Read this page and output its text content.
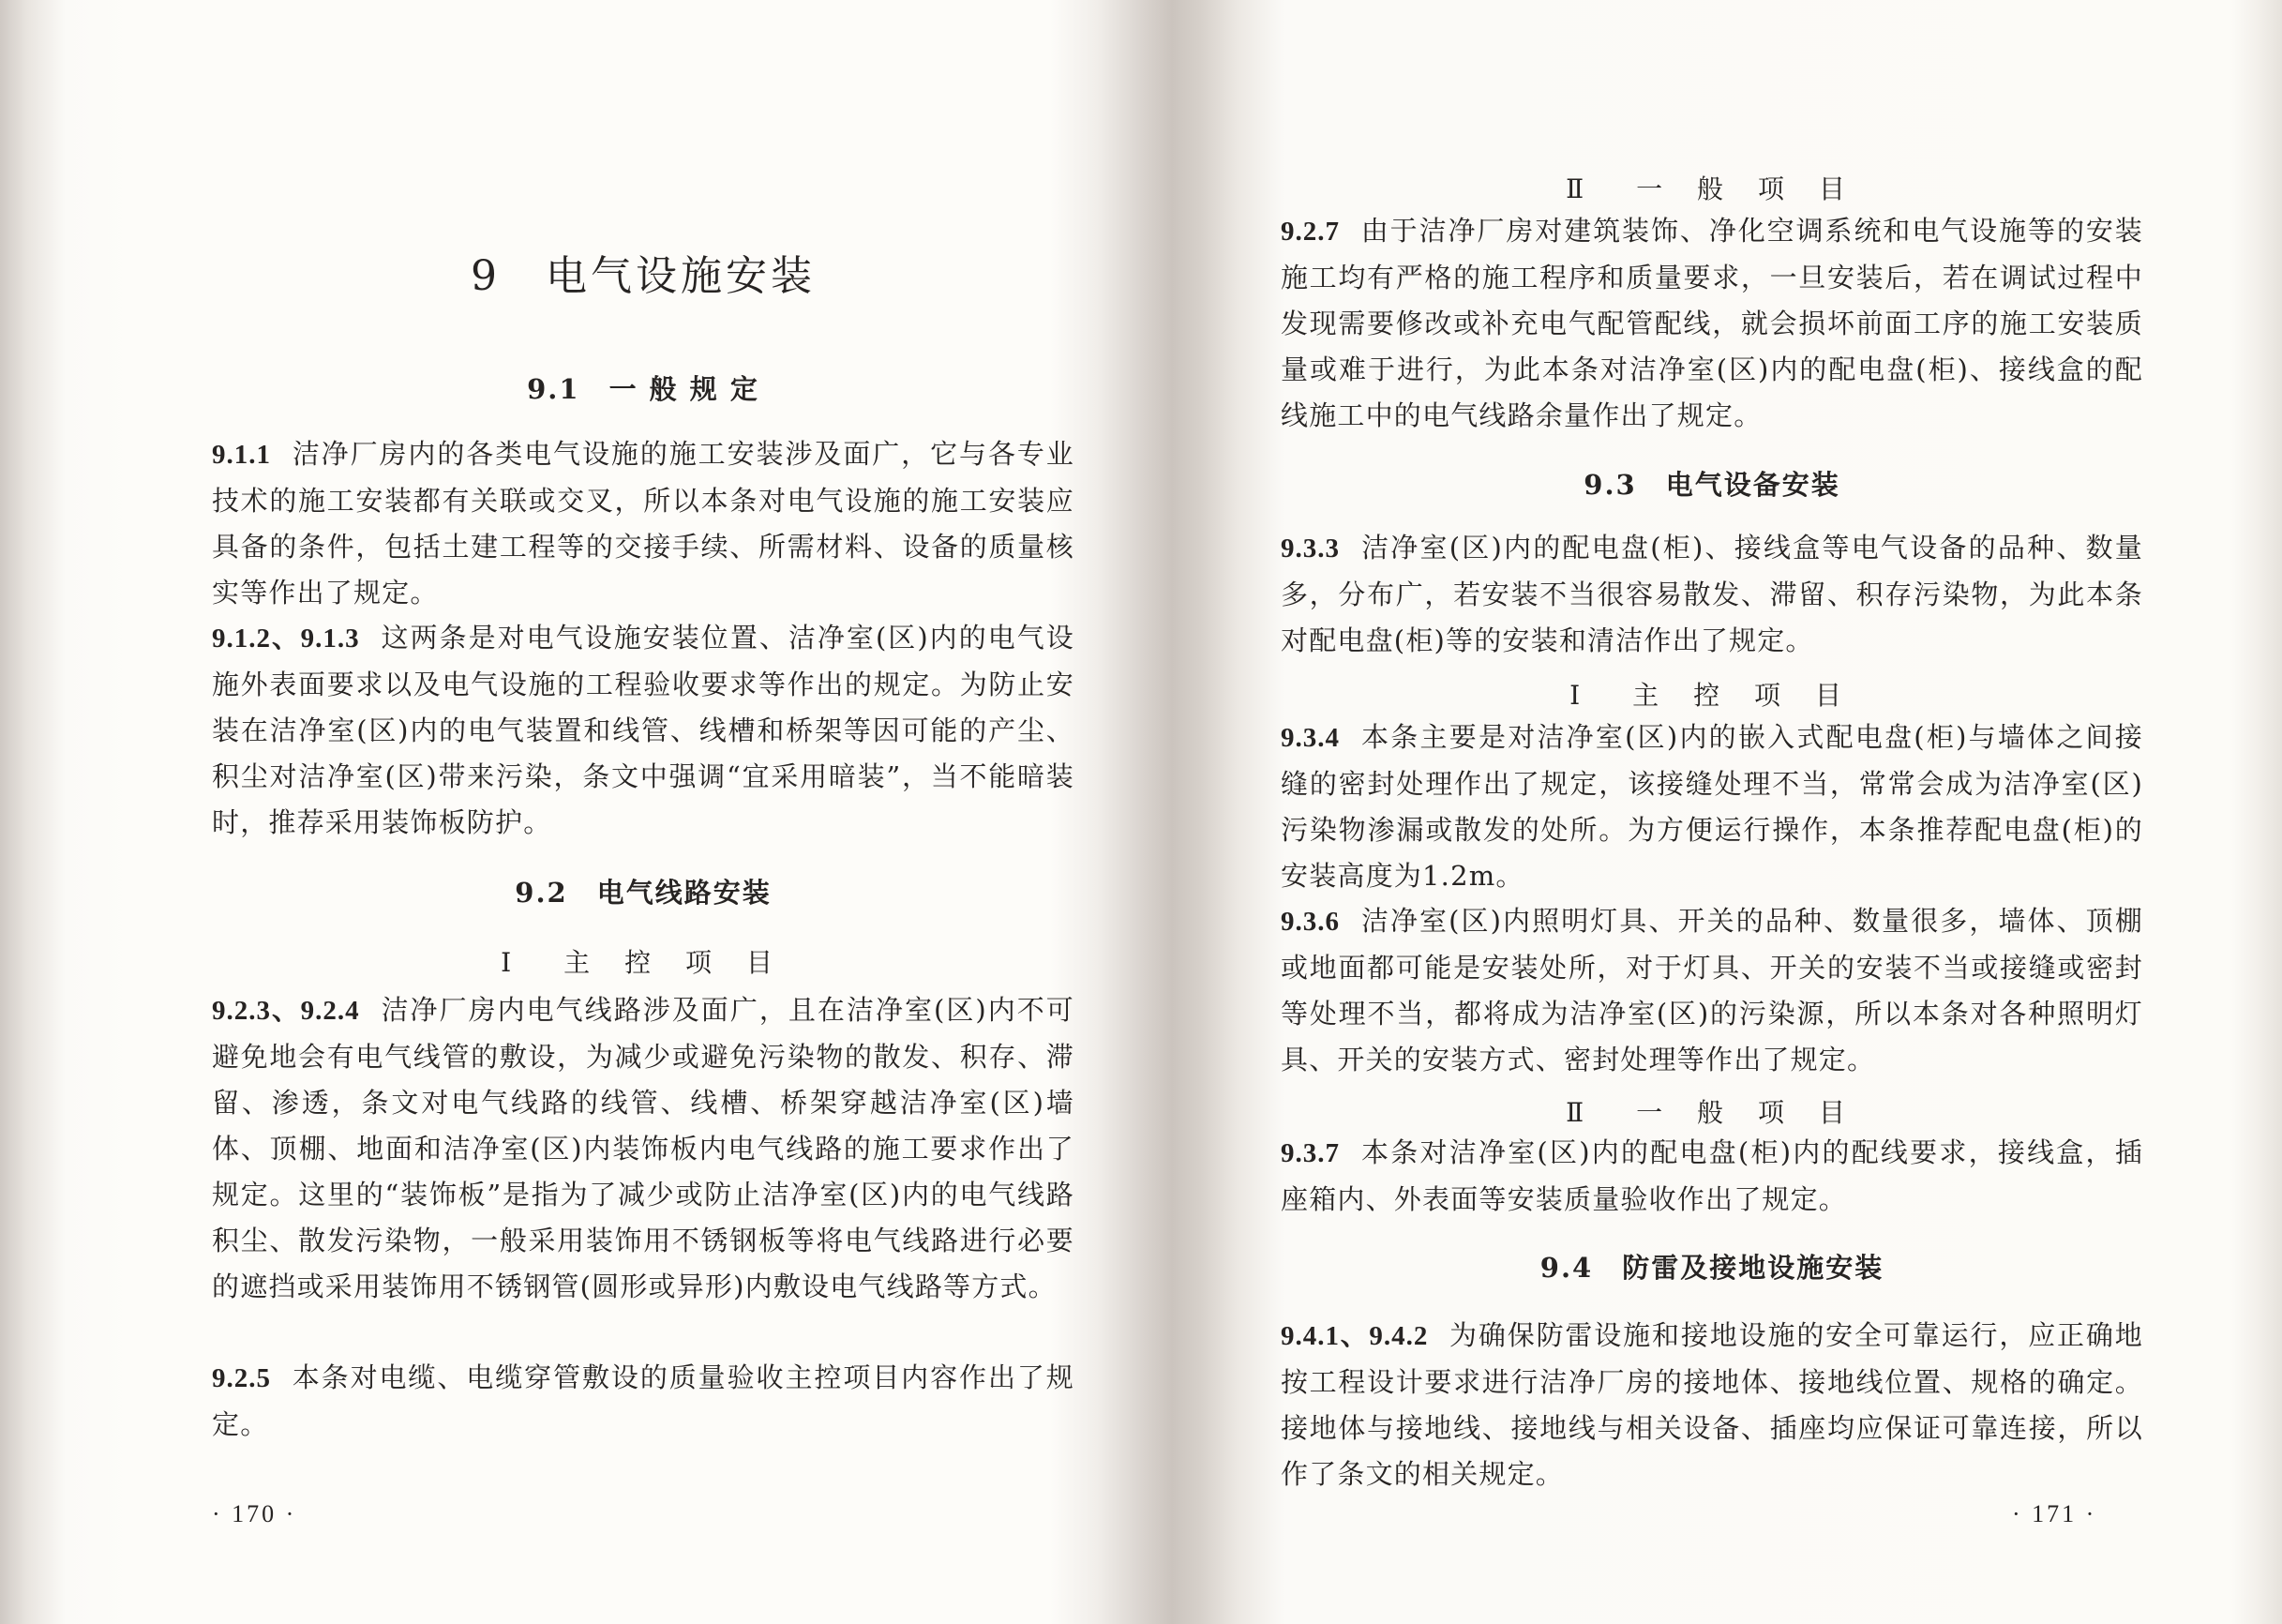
9　电气设施安装
9.1　一 般 规 定
9.1.1 洁净厂房内的各类电气设施的施工安装涉及面广，它与各专业技术的施工安装都有关联或交叉，所以本条对电气设施的施工安装应具备的条件，包括土建工程等的交接手续、所需材料、设备的质量核实等作出了规定。
9.1.2、9.1.3 这两条是对电气设施安装位置、洁净室(区)内的电气设施外表面要求以及电气设施的工程验收要求等作出的规定。为防止安装在洁净室(区)内的电气装置和线管、线槽和桥架等因可能的产尘、积尘对洁净室(区)带来污染，条文中强调“宜采用暗装”，当不能暗装时，推荐采用装饰板防护。
9.2　电气线路安装
Ⅰ　主 控 项 目
9.2.3、9.2.4 洁净厂房内电气线路涉及面广，且在洁净室(区)内不可避免地会有电气线管的敷设，为减少或避免污染物的散发、积存、滞留、渗透，条文对电气线路的线管、线槽、桥架穿越洁净室(区)墙体、顶棚、地面和洁净室(区)内装饰板内电气线路的施工要求作出了规定。这里的“装饰板”是指为了减少或防止洁净室(区)内的电气线路积尘、散发污染物，一般采用装饰用不锈钢板等将电气线路进行必要的遮挡或采用装饰用不锈钢管(圆形或异形)内敷设电气线路等方式。
9.2.5 本条对电缆、电缆穿管敷设的质量验收主控项目内容作出了规定。
· 170 ·
Ⅱ　一 般 项 目
9.2.7 由于洁净厂房对建筑装饰、净化空调系统和电气设施等的安装施工均有严格的施工程序和质量要求，一旦安装后，若在调试过程中发现需要修改或补充电气配管配线，就会损坏前面工序的施工安装质量或难于进行，为此本条对洁净室(区)内的配电盘(柜)、接线盒的配线施工中的电气线路余量作出了规定。
9.3　电气设备安装
9.3.3 洁净室(区)内的配电盘(柜)、接线盒等电气设备的品种、数量多，分布广，若安装不当很容易散发、滞留、积存污染物，为此本条对配电盘(柜)等的安装和清洁作出了规定。
Ⅰ　主 控 项 目
9.3.4 本条主要是对洁净室(区)内的嵌入式配电盘(柜)与墙体之间接缝的密封处理作出了规定，该接缝处理不当，常常会成为洁净室(区)污染物渗漏或散发的处所。为方便运行操作，本条推荐配电盘(柜)的安装高度为1.2m。
9.3.6 洁净室(区)内照明灯具、开关的品种、数量很多，墙体、顶棚或地面都可能是安装处所，对于灯具、开关的安装不当或接缝或密封等处理不当，都将成为洁净室(区)的污染源，所以本条对各种照明灯具、开关的安装方式、密封处理等作出了规定。
Ⅱ　一 般 项 目
9.3.7 本条对洁净室(区)内的配电盘(柜)内的配线要求，接线盒，插座箱内、外表面等安装质量验收作出了规定。
9.4　防雷及接地设施安装
9.4.1、9.4.2 为确保防雷设施和接地设施的安全可靠运行，应正确地按工程设计要求进行洁净厂房的接地体、接地线位置、规格的确定。接地体与接地线、接地线与相关设备、插座均应保证可靠连接，所以作了条文的相关规定。
· 171 ·
